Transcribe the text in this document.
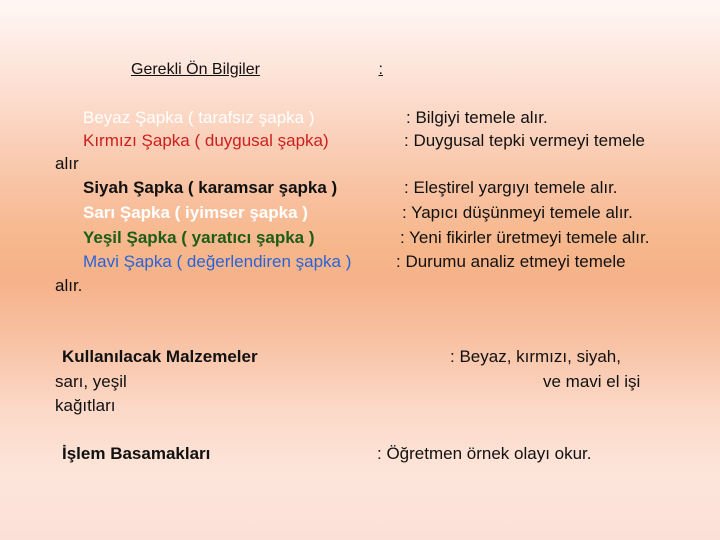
Gerekli Ön Bilgiler	:
Beyaz Şapka ( tarafsız şapka )	: Bilgiyi temele alır.
Kırmızı Şapka ( duygusal şapka)	: Duygusal tepki vermeyi temele
alır
Siyah Şapka ( karamsar şapka )	: Eleştirel yargıyı temele alır.
Sarı Şapka ( iyimser şapka )	: Yapıcı düşünmeyi temele alır.
Yeşil Şapka ( yaratıcı şapka )	: Yeni fikirler üretmeyi temele alır.
Mavi Şapka ( değerlendiren şapka )	: Durumu analiz etmeyi temele
alır.
Kullanılacak Malzemeler	: Beyaz, kırmızı, siyah,
sarı, yeşil	ve mavi el işi
kağıtları
İşlem Basamakları	: Öğretmen örnek olayı okur.
